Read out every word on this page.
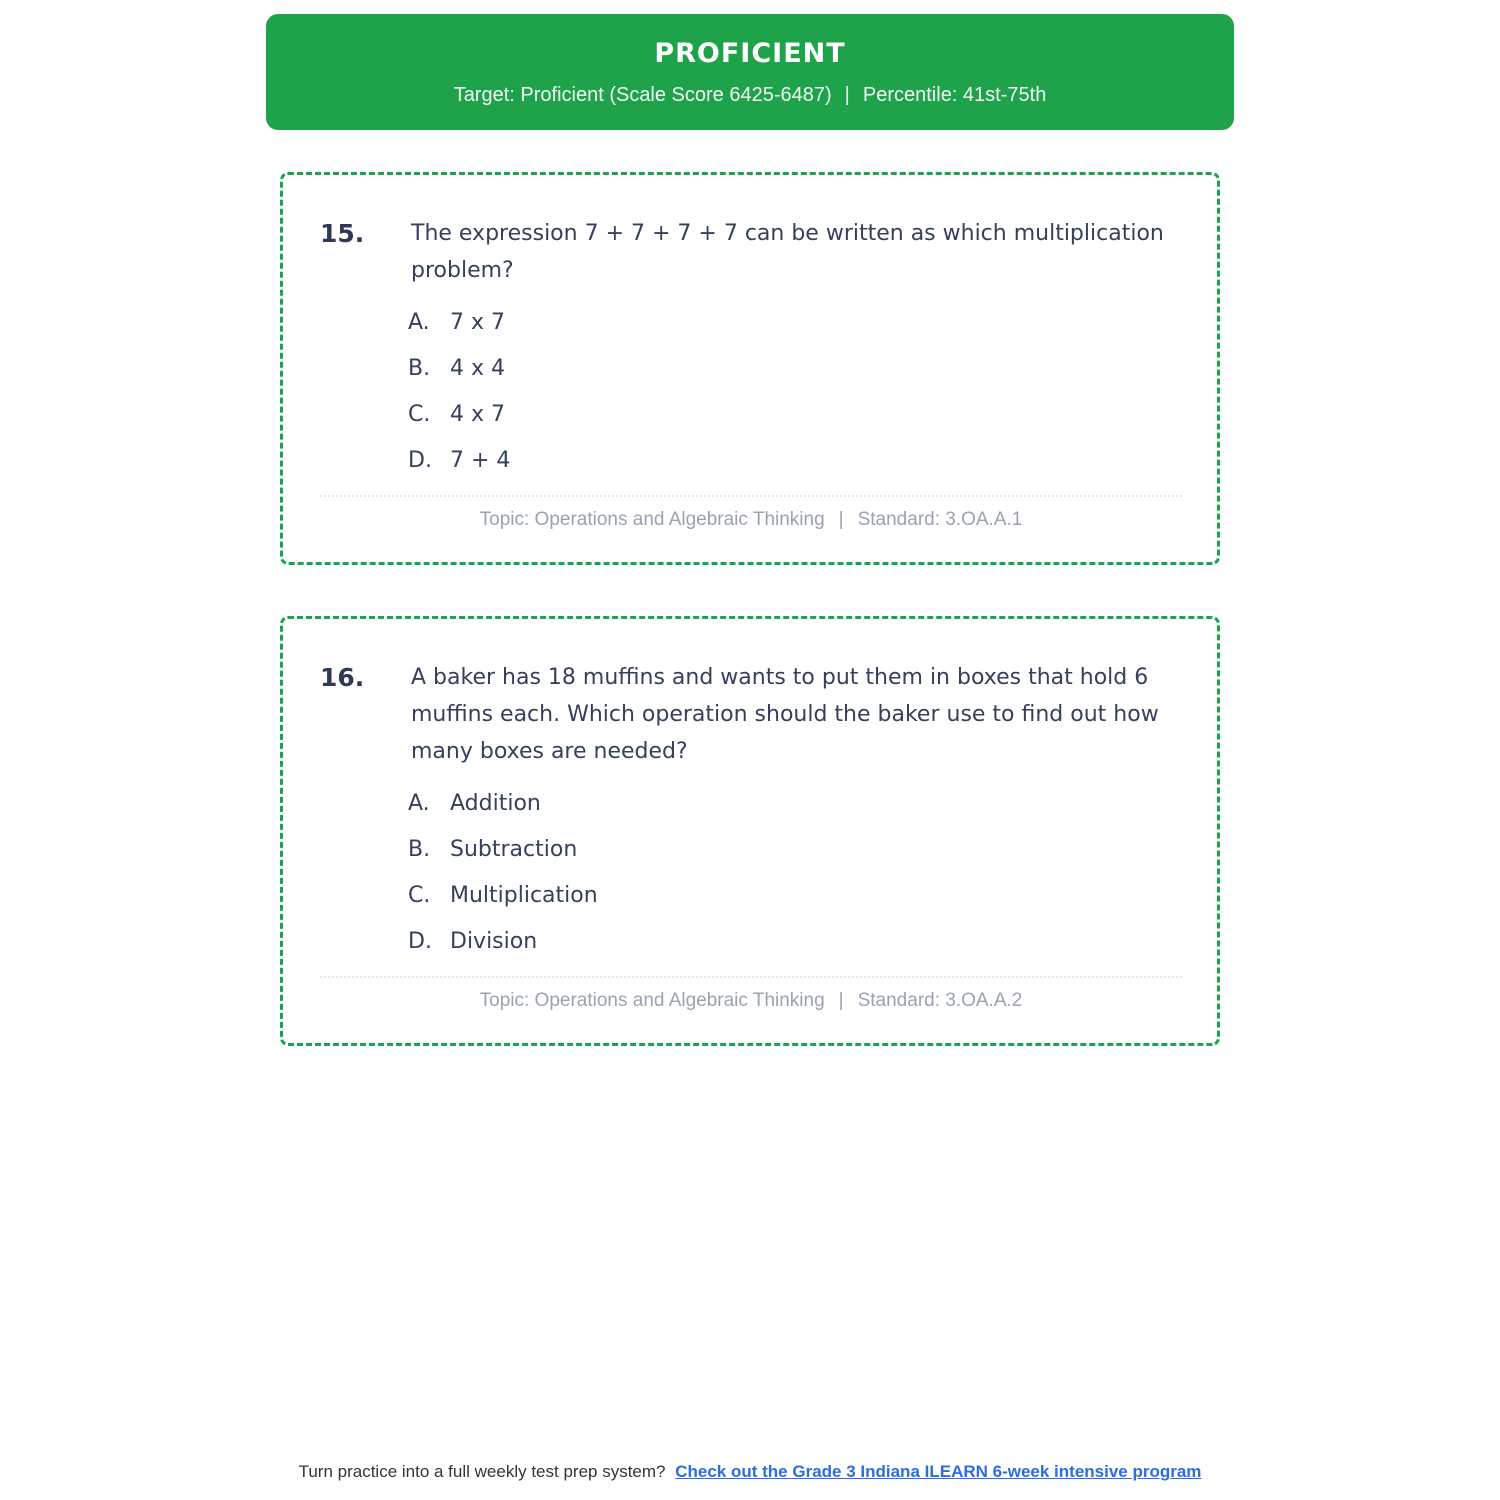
PROFICIENT
Target: Proficient (Scale Score 6425-6487) | Percentile: 41st-75th
15.	The expression 7 + 7 + 7 + 7 can be written as which multiplication problem?
A. 7 x 7
B. 4 x 4
C. 4 x 7
D. 7 + 4
Topic: Operations and Algebraic Thinking | Standard: 3.OA.A.1
16.	A baker has 18 muffins and wants to put them in boxes that hold 6 muffins each. Which operation should the baker use to find out how many boxes are needed?
A. Addition
B. Subtraction
C. Multiplication
D. Division
Topic: Operations and Algebraic Thinking | Standard: 3.OA.A.2
Turn practice into a full weekly test prep system? Check out the Grade 3 Indiana ILEARN 6-week intensive program
